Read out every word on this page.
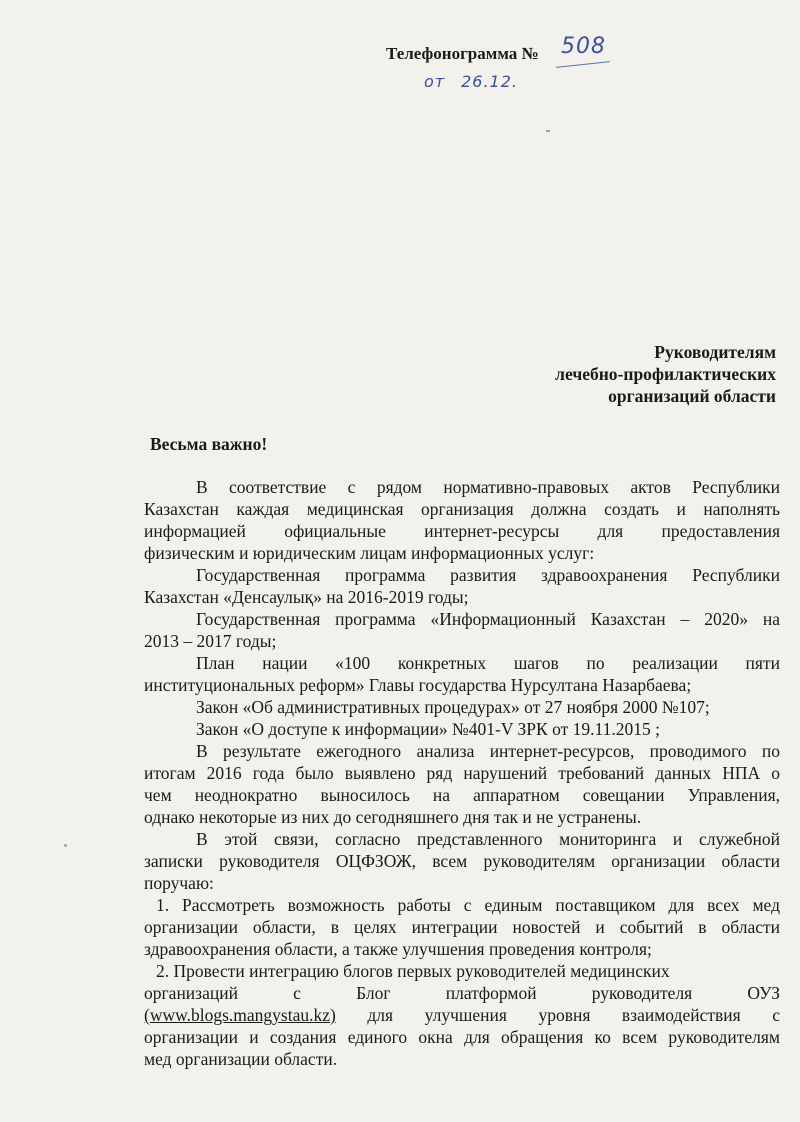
Телефонограмма № 508
от 26.12.
Руководителям
лечебно-профилактических
организаций области
Весьма важно!

В соответствие с рядом нормативно-правовых актов Республики

Казахстан каждая медицинская организация должна создать и наполнять

информацией официальные интернет-ресурсы для предоставления

физическим и юридическим лицам информационных услуг:

Государственная программа развития здравоохранения Республики

Казахстан «Денсаулық» на 2016-2019 годы;

Государственная программа «Информационный Казахстан – 2020» на

2013 – 2017 годы;

План нации «100 конкретных шагов по реализации пяти

институциональных реформ» Главы государства Нурсултана Назарбаева;

Закон «Об административных процедурах» от 27 ноября 2000 №107;

Закон «О доступе к информации» №401-V ЗРК от 19.11.2015 ;

В результате ежегодного анализа интернет-ресурсов, проводимого по

итогам 2016 года было выявлено ряд нарушений требований данных НПА о

чем неоднократно выносилось на аппаратном совещании Управления,

однако некоторые из них до сегодняшнего дня так и не устранены.

В этой связи, согласно представленного мониторинга и служебной

записки руководителя ОЦФЗОЖ, всем руководителям организации области

поручаю:

1. Рассмотреть возможность работы с единым поставщиком для всех мед

организации области, в целях интеграции новостей и событий в области

здравоохранения области, а также улучшения проведения контроля;

2. Провести интеграцию блогов первых руководителей медицинских

организаций с Блог платформой руководителя ОУЗ

(www.blogs.mangystau.kz) для улучшения уровня взаимодействия с

организации и создания единого окна для обращения ко всем руководителям

мед организации области.
